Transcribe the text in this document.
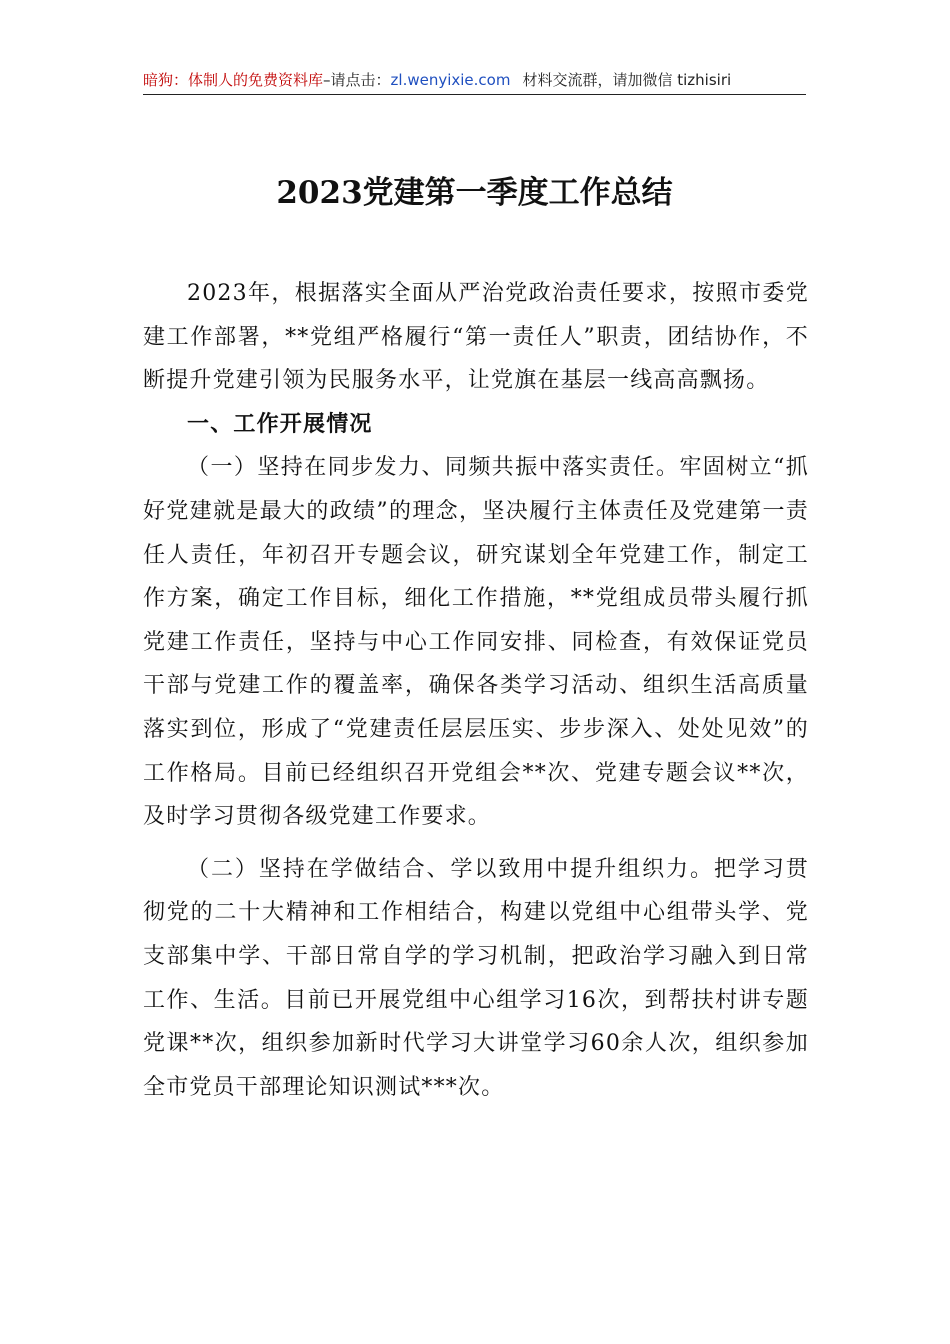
暗狗：体制人的免费资料库–请点击：zl.wenyixie.com 材料交流群，请加微信 tizhisiri
2023党建第一季度工作总结

2023年，根据落实全面从严治党政治责任要求，按照市委党建工作部署，**党组严格履行“第一责任人”职责，团结协作，不断提升党建引领为民服务水平，让党旗在基层一线高高飘扬。

一、工作开展情况

（一）坚持在同步发力、同频共振中落实责任。牢固树立“抓好党建就是最大的政绩”的理念，坚决履行主体责任及党建第一责任人责任，年初召开专题会议，研究谋划全年党建工作，制定工作方案，确定工作目标，细化工作措施，**党组成员带头履行抓党建工作责任，坚持与中心工作同安排、同检查，有效保证党员干部与党建工作的覆盖率，确保各类学习活动、组织生活高质量落实到位，形成了“党建责任层层压实、步步深入、处处见效”的工作格局。目前已经组织召开党组会**次、党建专题会议**次，及时学习贯彻各级党建工作要求。

（二）坚持在学做结合、学以致用中提升组织力。把学习贯彻党的二十大精神和工作相结合，构建以党组中心组带头学、党支部集中学、干部日常自学的学习机制，把政治学习融入到日常工作、生活。目前已开展党组中心组学习16次，到帮扶村讲专题党课**次，组织参加新时代学习大讲堂学习60余人次，组织参加全市党员干部理论知识测试***次。
